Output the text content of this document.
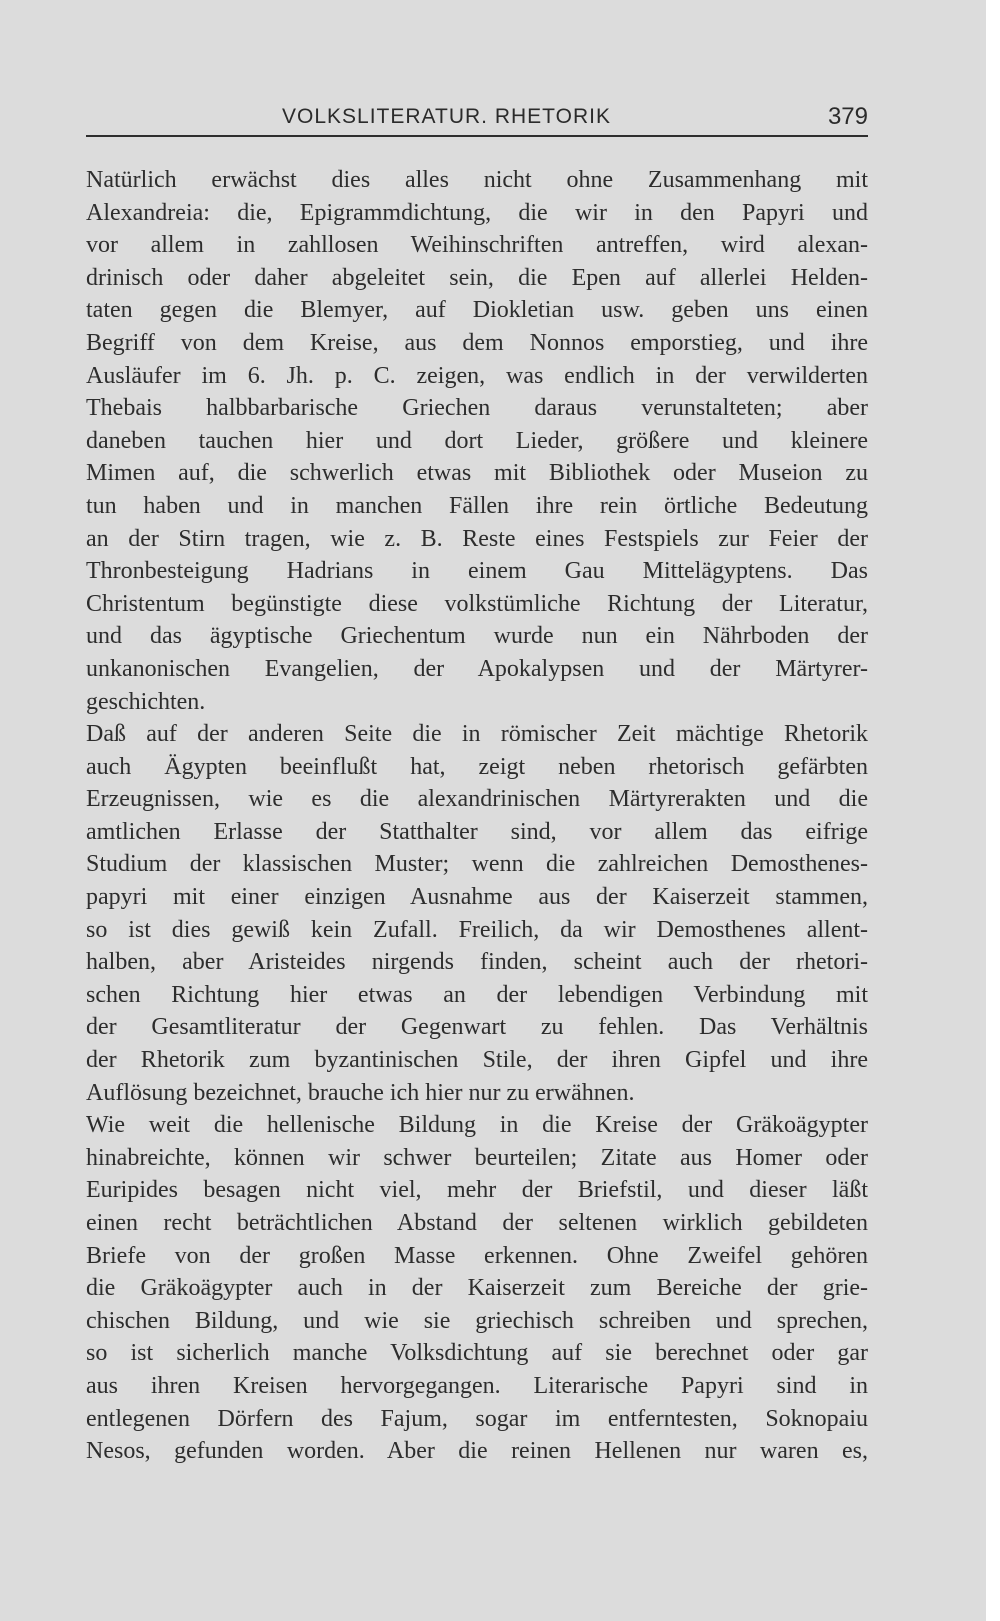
VOLKSLITERATUR. RHETORIK	379
Natürlich erwächst dies alles nicht ohne Zusammenhang mit
Alexandreia: die, Epigrammdichtung, die wir in den Papyri und
vor allem in zahllosen Weihinschriften antreffen, wird alexan-
drinisch oder daher abgeleitet sein, die Epen auf allerlei Helden-
taten gegen die Blemyer, auf Diokletian usw. geben uns einen
Begriff von dem Kreise, aus dem Nonnos emporstieg, und ihre
Ausläufer im 6. Jh. p. C. zeigen, was endlich in der verwilderten
Thebais halbbarbarische Griechen daraus verunstalteten; aber
daneben tauchen hier und dort Lieder, größere und kleinere
Mimen auf, die schwerlich etwas mit Bibliothek oder Museion zu
tun haben und in manchen Fällen ihre rein örtliche Bedeutung
an der Stirn tragen, wie z. B. Reste eines Festspiels zur Feier der
Thronbesteigung Hadrians in einem Gau Mittelägyptens. Das
Christentum begünstigte diese volkstümliche Richtung der Literatur,
und das ägyptische Griechentum wurde nun ein Nährboden der
unkanonischen Evangelien, der Apokalypsen und der Märtyrer-
geschichten.
Daß auf der anderen Seite die in römischer Zeit mächtige Rhetorik
auch Ägypten beeinflußt hat, zeigt neben rhetorisch gefärbten
Erzeugnissen, wie es die alexandrinischen Märtyrerakten und die
amtlichen Erlasse der Statthalter sind, vor allem das eifrige
Studium der klassischen Muster; wenn die zahlreichen Demosthenes-
papyri mit einer einzigen Ausnahme aus der Kaiserzeit stammen,
so ist dies gewiß kein Zufall. Freilich, da wir Demosthenes allent-
halben, aber Aristeides nirgends finden, scheint auch der rhetori-
schen Richtung hier etwas an der lebendigen Verbindung mit
der Gesamtliteratur der Gegenwart zu fehlen. Das Verhältnis
der Rhetorik zum byzantinischen Stile, der ihren Gipfel und ihre
Auflösung bezeichnet, brauche ich hier nur zu erwähnen.
Wie weit die hellenische Bildung in die Kreise der Gräkoägypter
hinabreichte, können wir schwer beurteilen; Zitate aus Homer oder
Euripides besagen nicht viel, mehr der Briefstil, und dieser läßt
einen recht beträchtlichen Abstand der seltenen wirklich gebildeten
Briefe von der großen Masse erkennen. Ohne Zweifel gehören
die Gräkoägypter auch in der Kaiserzeit zum Bereiche der grie-
chischen Bildung, und wie sie griechisch schreiben und sprechen,
so ist sicherlich manche Volksdichtung auf sie berechnet oder gar
aus ihren Kreisen hervorgegangen. Literarische Papyri sind in
entlegenen Dörfern des Fajum, sogar im entferntesten, Soknopaiu
Nesos, gefunden worden. Aber die reinen Hellenen nur waren es,
